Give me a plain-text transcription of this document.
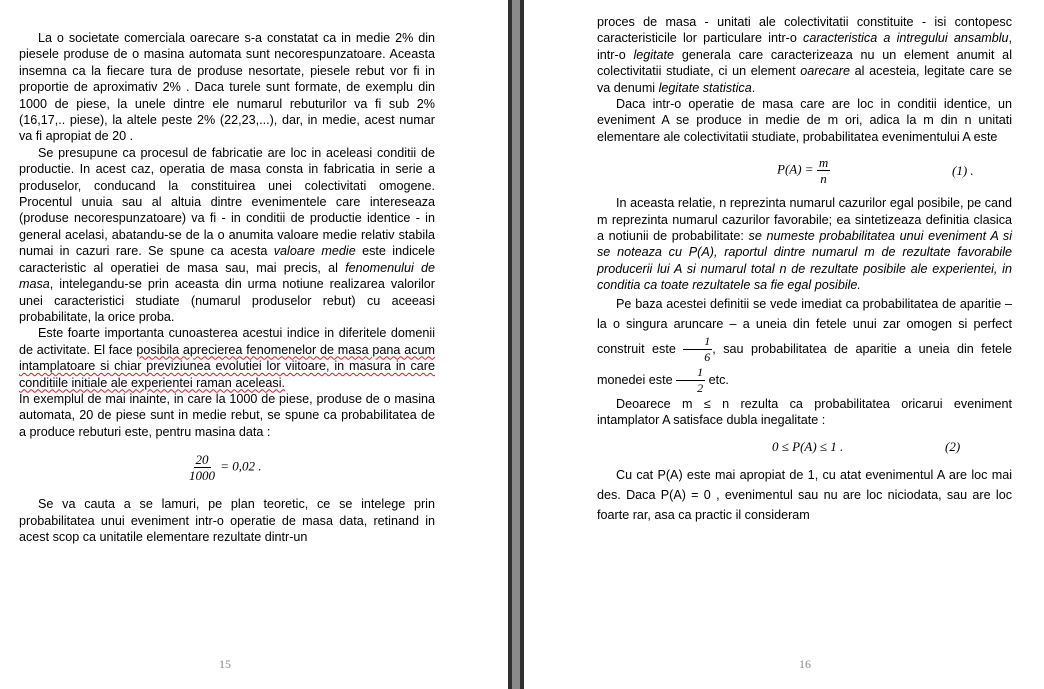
La o societate comerciala oarecare s-a constatat ca in medie 2% din piesele produse de o masina automata sunt necorespunzatoare. Aceasta insemna ca la fiecare tura de produse nesortate, piesele rebut vor fi in proportie de aproximativ 2% . Daca turele sunt formate, de exemplu din 1000 de piese, la unele dintre ele numarul rebuturilor va fi sub 2% (16,17,.. piese), la altele peste 2% (22,23,...), dar, in medie, acest numar va fi apropiat de 20 .

Se presupune ca procesul de fabricatie are loc in aceleasi conditii de productie. In acest caz, operatia de masa consta in fabricatia in serie a produselor, conducand la constituirea unei colectivitati omogene. Procentul unuia sau al altuia dintre evenimentele care intereseaza (produse necorespunzatoare) va fi - in conditii de productie identice - in general acelasi, abatandu-se de la o anumita valoare medie relativ stabila numai in cazuri rare. Se spune ca acesta valoare medie este indicele caracteristic al operatiei de masa sau, mai precis, al fenomenului de masa, intelegandu-se prin aceasta din urma notiune realizarea valorilor unei caracteristici studiate (numarul produselor rebut) cu aceeasi probabilitate, la orice proba.

Este foarte importanta cunoasterea acestui indice in diferitele domenii de activitate. El face posibila aprecierea fenomenelor de masa pana acum intamplatoare si chiar previziunea evolutiei lor viitoare, in masura in care conditiile initiale ale experientei raman aceleasi.

In exemplul de mai inainte, in care la 1000 de piese, produse de o masina automata, 20 de piese sunt in medie rebut, se spune ca probabilitatea de a produce rebuturi este, pentru masina data :

$\frac{20}{1000} = 0,02$ .

Se va cauta a se lamuri, pe plan teoretic, ce se intelege prin probabilitatea unui eveniment intr-o operatie de masa data, retinand in acest scop ca unitatile elementare rezultate dintr-un

15

proces de masa - unitati ale colectivitatii constituite - isi contopesc caracteristicile lor particulare intr-o caracteristica a intregului ansamblu, intr-o legitate generala care caracterizeaza nu un element anumit al colectivitatii studiate, ci un element oarecare al acesteia, legitate care se va denumi legitate statistica.

Daca intr-o operatie de masa care are loc in conditii identice, un eveniment A se produce in medie de m ori, adica la m din n unitati elementare ale colectivitatii studiate, probabilitatea evenimentului A este

$P(A) = \frac{m}{n}$	(1) .

In aceasta relatie, n reprezinta numarul cazurilor egal posibile, pe cand m reprezinta numarul cazurilor favorabile; ea sintetizeaza definitia clasica a notiunii de probabilitate: se numeste probabilitatea unui eveniment A si se noteaza cu P(A), raportul dintre numarul m de rezultate favorabile producerii lui A si numarul total n de rezultate posibile ale experientei, in conditia ca toate rezultatele sa fie egal posibile.

Pe baza acestei definitii se vede imediat ca probabilitatea de aparitie – la o singura aruncare – a uneia din fetele unui zar omogen si perfect construit este $\frac{1}{6}$ , sau probabilitatea de aparitie a uneia din fetele monedei este $\frac{1}{2}$ etc.

Deoarece m ≤ n rezulta ca probabilitatea oricarui eveniment intamplator A satisface dubla inegalitate :

0 ≤ P(A) ≤ 1 .	(2)

Cu cat P(A) este mai apropiat de 1, cu atat evenimentul A are loc mai des. Daca P(A) = 0 , evenimentul sau nu are loc niciodata, sau are loc foarte rar, asa ca practic il consideram

16
